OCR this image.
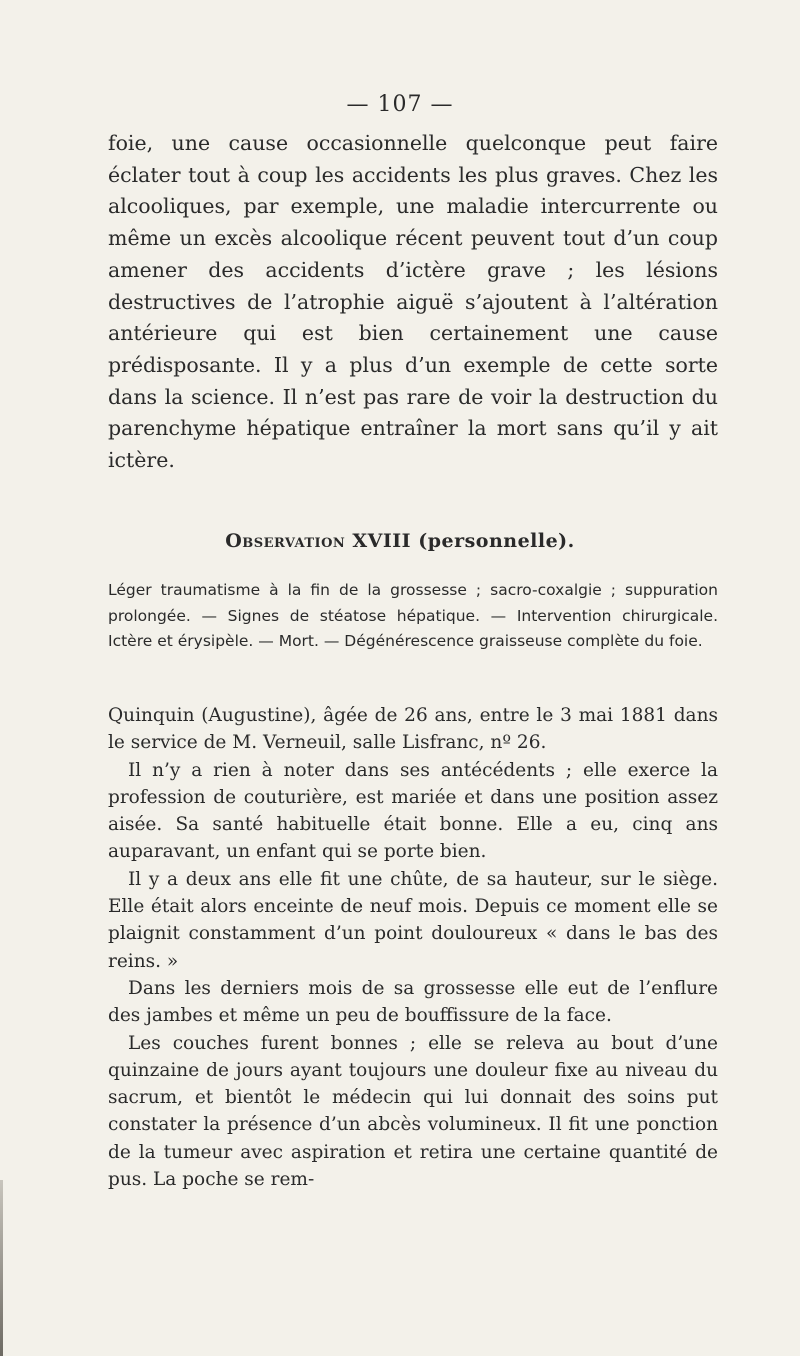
— 107 —

foie, une cause occasionnelle quelconque peut faire éclater tout à coup les accidents les plus graves. Chez les alcooliques, par exemple, une maladie intercurrente ou même un excès alcoolique récent peuvent tout d’un coup amener des accidents d’ictère grave ; les lésions destructives de l’atrophie aiguë s’ajoutent à l’altération antérieure qui est bien certainement une cause prédisposante. Il y a plus d’un exemple de cette sorte dans la science. Il n’est pas rare de voir la destruction du parenchyme hépatique entraîner la mort sans qu’il y ait ictère.

Observation XVIII (personnelle).

Léger traumatisme à la fin de la grossesse ; sacro-coxalgie ; suppuration prolongée. — Signes de stéatose hépatique. — Intervention chirurgicale. Ictère et érysipèle. — Mort. — Dégénérescence graisseuse complète du foie.

Quinquin (Augustine), âgée de 26 ans, entre le 3 mai 1881 dans le service de M. Verneuil, salle Lisfranc, nº 26.

Il n’y a rien à noter dans ses antécédents ; elle exerce la profession de couturière, est mariée et dans une position assez aisée. Sa santé habituelle était bonne. Elle a eu, cinq ans auparavant, un enfant qui se porte bien.

Il y a deux ans elle fit une chûte, de sa hauteur, sur le siège. Elle était alors enceinte de neuf mois. Depuis ce moment elle se plaignit constamment d’un point douloureux « dans le bas des reins. »

Dans les derniers mois de sa grossesse elle eut de l’enflure des jambes et même un peu de bouffissure de la face.

Les couches furent bonnes ; elle se releva au bout d’une quinzaine de jours ayant toujours une douleur fixe au niveau du sacrum, et bientôt le médecin qui lui donnait des soins put constater la présence d’un abcès volumineux. Il fit une ponction de la tumeur avec aspiration et retira une certaine quantité de pus. La poche se rem-
